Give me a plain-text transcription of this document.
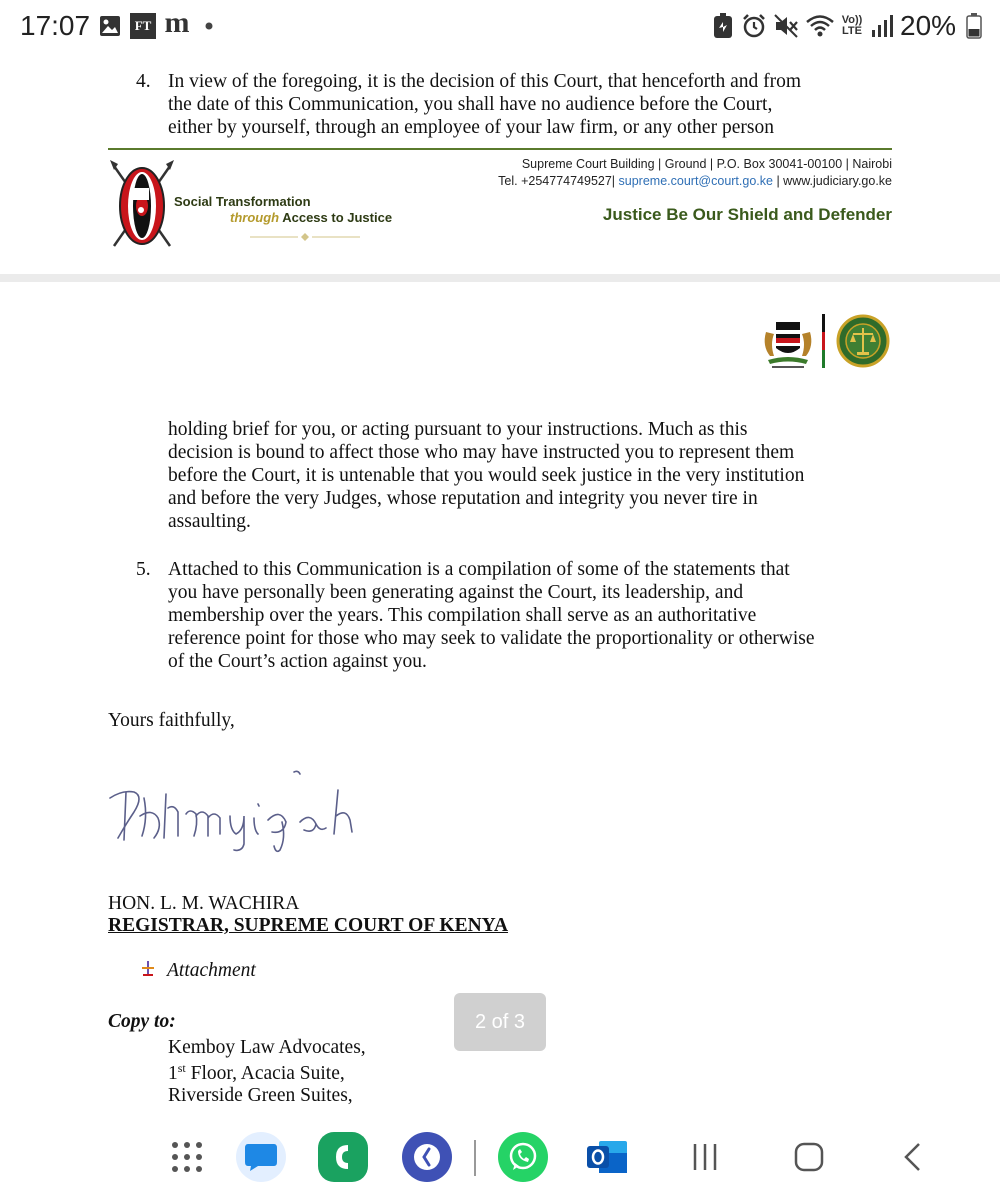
17:07	FT m	Vo))
LTE 20%
4. In view of the foregoing, it is the decision of this Court, that henceforth and from
the date of this Communication, you shall have no audience before the Court,
either by yourself, through an employee of your law firm, or any other person
Social Transformation
through Access to Justice
Supreme Court Building | Ground | P.O. Box 30041-00100 | Nairobi
Tel. +254774749527| supreme.court@court.go.ke | www.judiciary.go.ke
Justice Be Our Shield and Defender
holding brief for you, or acting pursuant to your instructions. Much as this
decision is bound to affect those who may have instructed you to represent them
before the Court, it is untenable that you would seek justice in the very institution
and before the very Judges, whose reputation and integrity you never tire in
assaulting.
5. Attached to this Communication is a compilation of some of the statements that
you have personally been generating against the Court, its leadership, and
membership over the years. This compilation shall serve as an authoritative
reference point for those who may seek to validate the proportionality or otherwise
of the Court’s action against you.
Yours faithfully,
HON. L. M. WACHIRA
REGISTRAR, SUPREME COURT OF KENYA
Attachment
Copy to:
Kemboy Law Advocates,
1st Floor, Acacia Suite,
Riverside Green Suites,
2 of 3
